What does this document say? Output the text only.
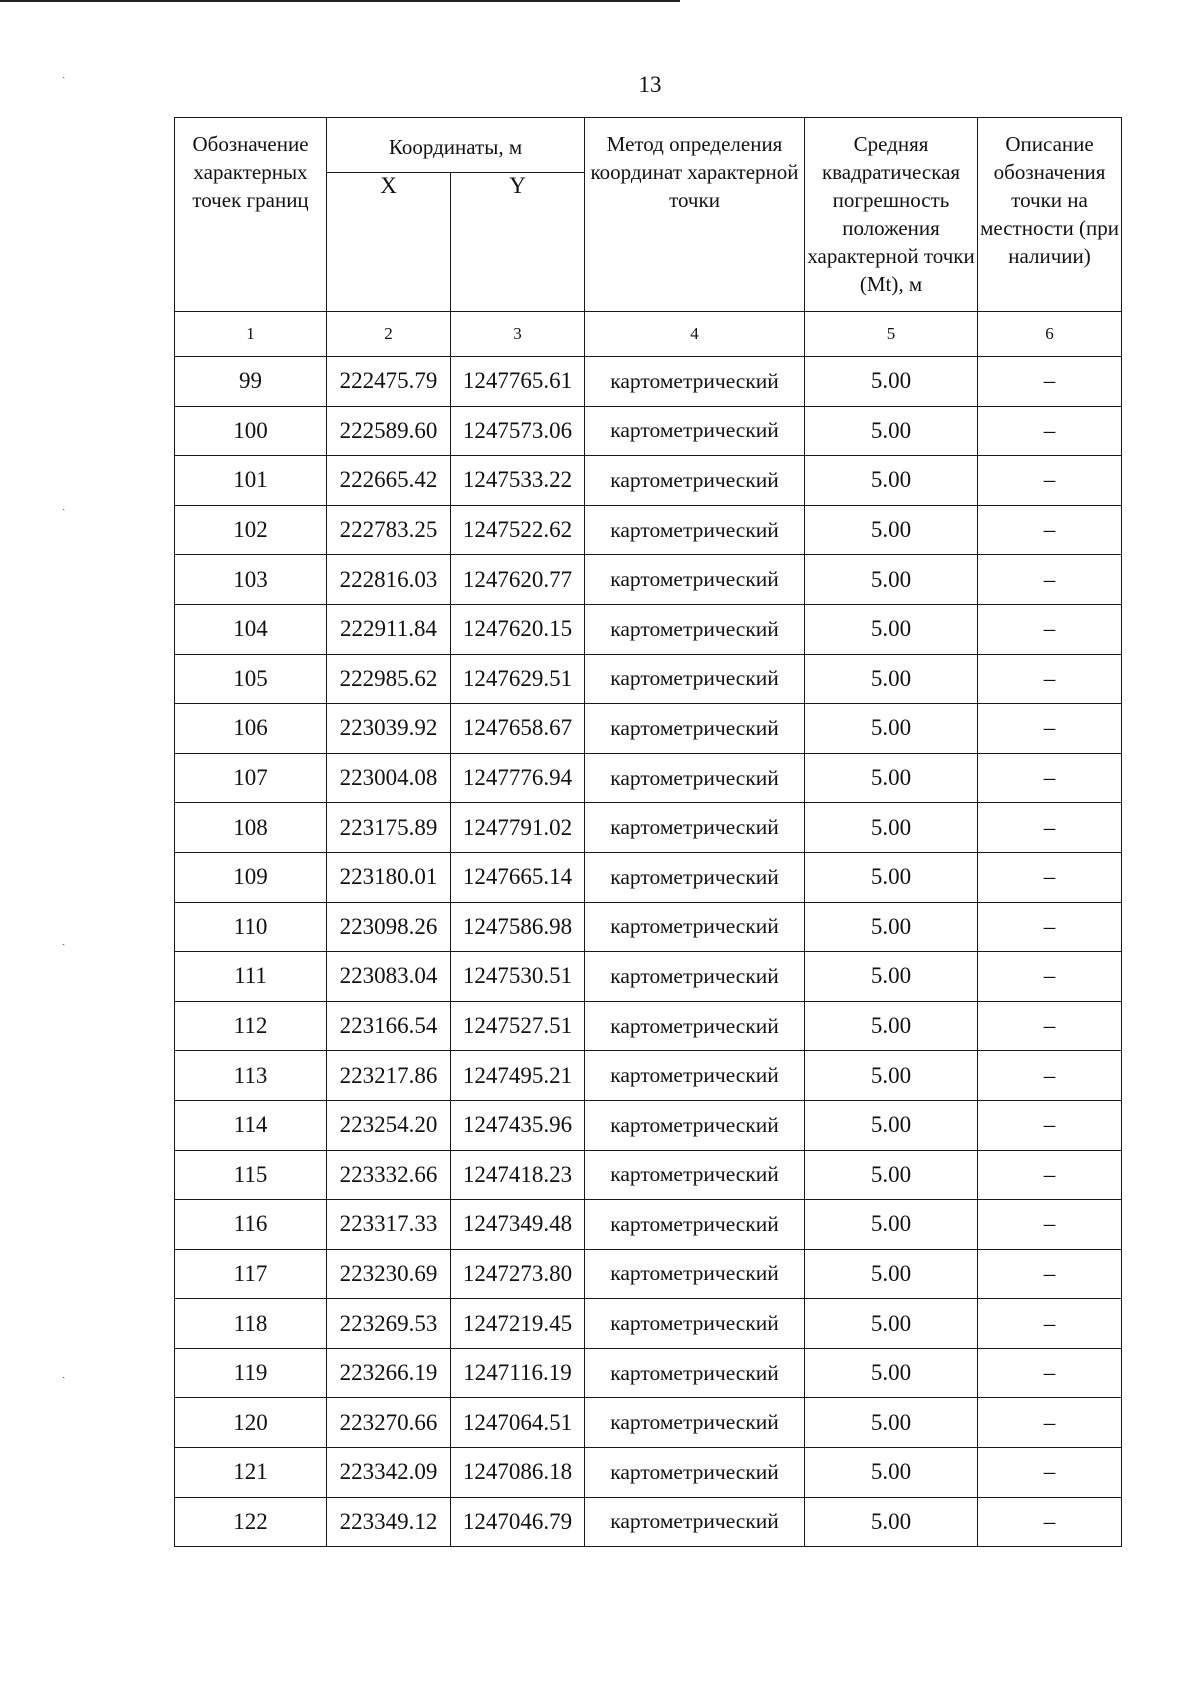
ˎ
ˎ
ˎ
ˎ
13
Обозначение характерных точек границ	Координаты, м		Метод определения координат характерной точки	Средняя квадратическая погрешность положения характерной точки (Mt), м	Описание обозначения точки на местности (при наличии)
	X	Y			
1	2	3	4	5	6
99	222475.79	1247765.61	картометрический	5.00	–
100	222589.60	1247573.06	картометрический	5.00	–
101	222665.42	1247533.22	картометрический	5.00	–
102	222783.25	1247522.62	картометрический	5.00	–
103	222816.03	1247620.77	картометрический	5.00	–
104	222911.84	1247620.15	картометрический	5.00	–
105	222985.62	1247629.51	картометрический	5.00	–
106	223039.92	1247658.67	картометрический	5.00	–
107	223004.08	1247776.94	картометрический	5.00	–
108	223175.89	1247791.02	картометрический	5.00	–
109	223180.01	1247665.14	картометрический	5.00	–
110	223098.26	1247586.98	картометрический	5.00	–
111	223083.04	1247530.51	картометрический	5.00	–
112	223166.54	1247527.51	картометрический	5.00	–
113	223217.86	1247495.21	картометрический	5.00	–
114	223254.20	1247435.96	картометрический	5.00	–
115	223332.66	1247418.23	картометрический	5.00	–
116	223317.33	1247349.48	картометрический	5.00	–
117	223230.69	1247273.80	картометрический	5.00	–
118	223269.53	1247219.45	картометрический	5.00	–
119	223266.19	1247116.19	картометрический	5.00	–
120	223270.66	1247064.51	картометрический	5.00	–
121	223342.09	1247086.18	картометрический	5.00	–
122	223349.12	1247046.79	картометрический	5.00	–
